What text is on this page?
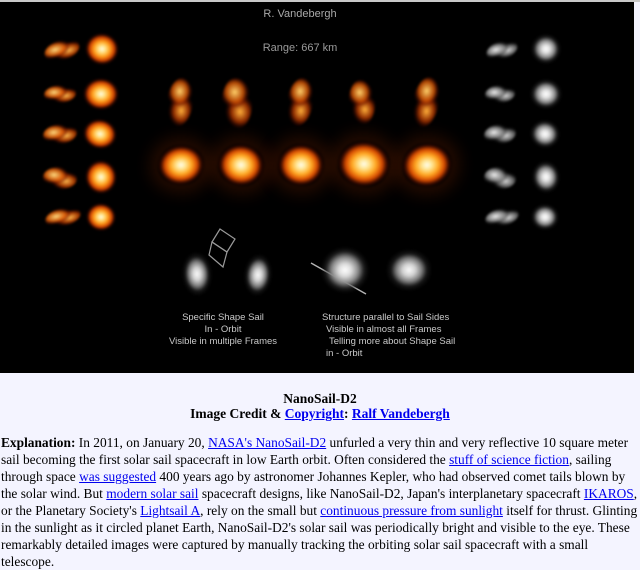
R. Vandebergh
Range: 667 km
Specific Shape Sail
In - Orbit
Visible in multiple Frames
Structure parallel to Sail Sides
Visible in almost all Frames
Telling more about Shape Sail
in - Orbit
NanoSail-D2
Image Credit & Copyright: Ralf Vandebergh

Explanation: In 2011, on January 20, NASA's NanoSail-D2 unfurled a very thin and very reflective 10 square meter sail becoming the first solar sail spacecraft in low Earth orbit. Often considered the stuff of science fiction, sailing through space was suggested 400 years ago by astronomer Johannes Kepler, who had observed comet tails blown by the solar wind. But modern solar sail spacecraft designs, like NanoSail-D2, Japan's interplanetary spacecraft IKAROS, or the Planetary Society's Lightsail A, rely on the small but continuous pressure from sunlight itself for thrust. Glinting in the sunlight as it circled planet Earth, NanoSail-D2's solar sail was periodically bright and visible to the eye. These remarkably detailed images were captured by manually tracking the orbiting solar sail spacecraft with a small telescope.
